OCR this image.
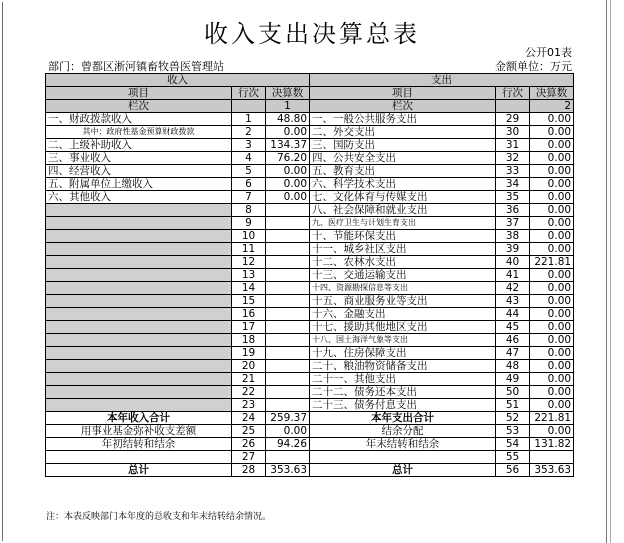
收入支出决算总表
公开01表
部门：曾都区淅河镇畜牧兽医管理站	金额单位：万元
收入			支出		
项目	行次	决算数	项目	行次	决算数
栏次		1	栏次		2
一、财政拨款收入	1	48.80	一、一般公共服务支出	29	0.00
其中：政府性基金预算财政拨款	2	0.00	二、外交支出	30	0.00
二、上级补助收入	3	134.37	三、国防支出	31	0.00
三、事业收入	4	76.20	四、公共安全支出	32	0.00
四、经营收入	5	0.00	五、教育支出	33	0.00
五、附属单位上缴收入	6	0.00	六、科学技术支出	34	0.00
六、其他收入	7	0.00	七、文化体育与传媒支出	35	0.00
	8		八、社会保障和就业支出	36	0.00
	9		九、医疗卫生与计划生育支出	37	0.00
	10		十、节能环保支出	38	0.00
	11		十一、城乡社区支出	39	0.00
	12		十二、农林水支出	40	221.81
	13		十三、交通运输支出	41	0.00
	14		十四、资源勘探信息等支出	42	0.00
	15		十五、商业服务业等支出	43	0.00
	16		十六、金融支出	44	0.00
	17		十七、援助其他地区支出	45	0.00
	18		十八、国土海洋气象等支出	46	0.00
	19		十九、住房保障支出	47	0.00
	20		二十、粮油物资储备支出	48	0.00
	21		二十一、其他支出	49	0.00
	22		二十二、债务还本支出	50	0.00
	23		二十三、债务付息支出	51	0.00
本年收入合计	24	259.37	本年支出合计	52	221.81
用事业基金弥补收支差额	25	0.00	结余分配	53	0.00
年初结转和结余	26	94.26	年末结转和结余	54	131.82
	27			55	
总计	28	353.63	总计	56	353.63
注：本表反映部门本年度的总收支和年末结转结余情况。
